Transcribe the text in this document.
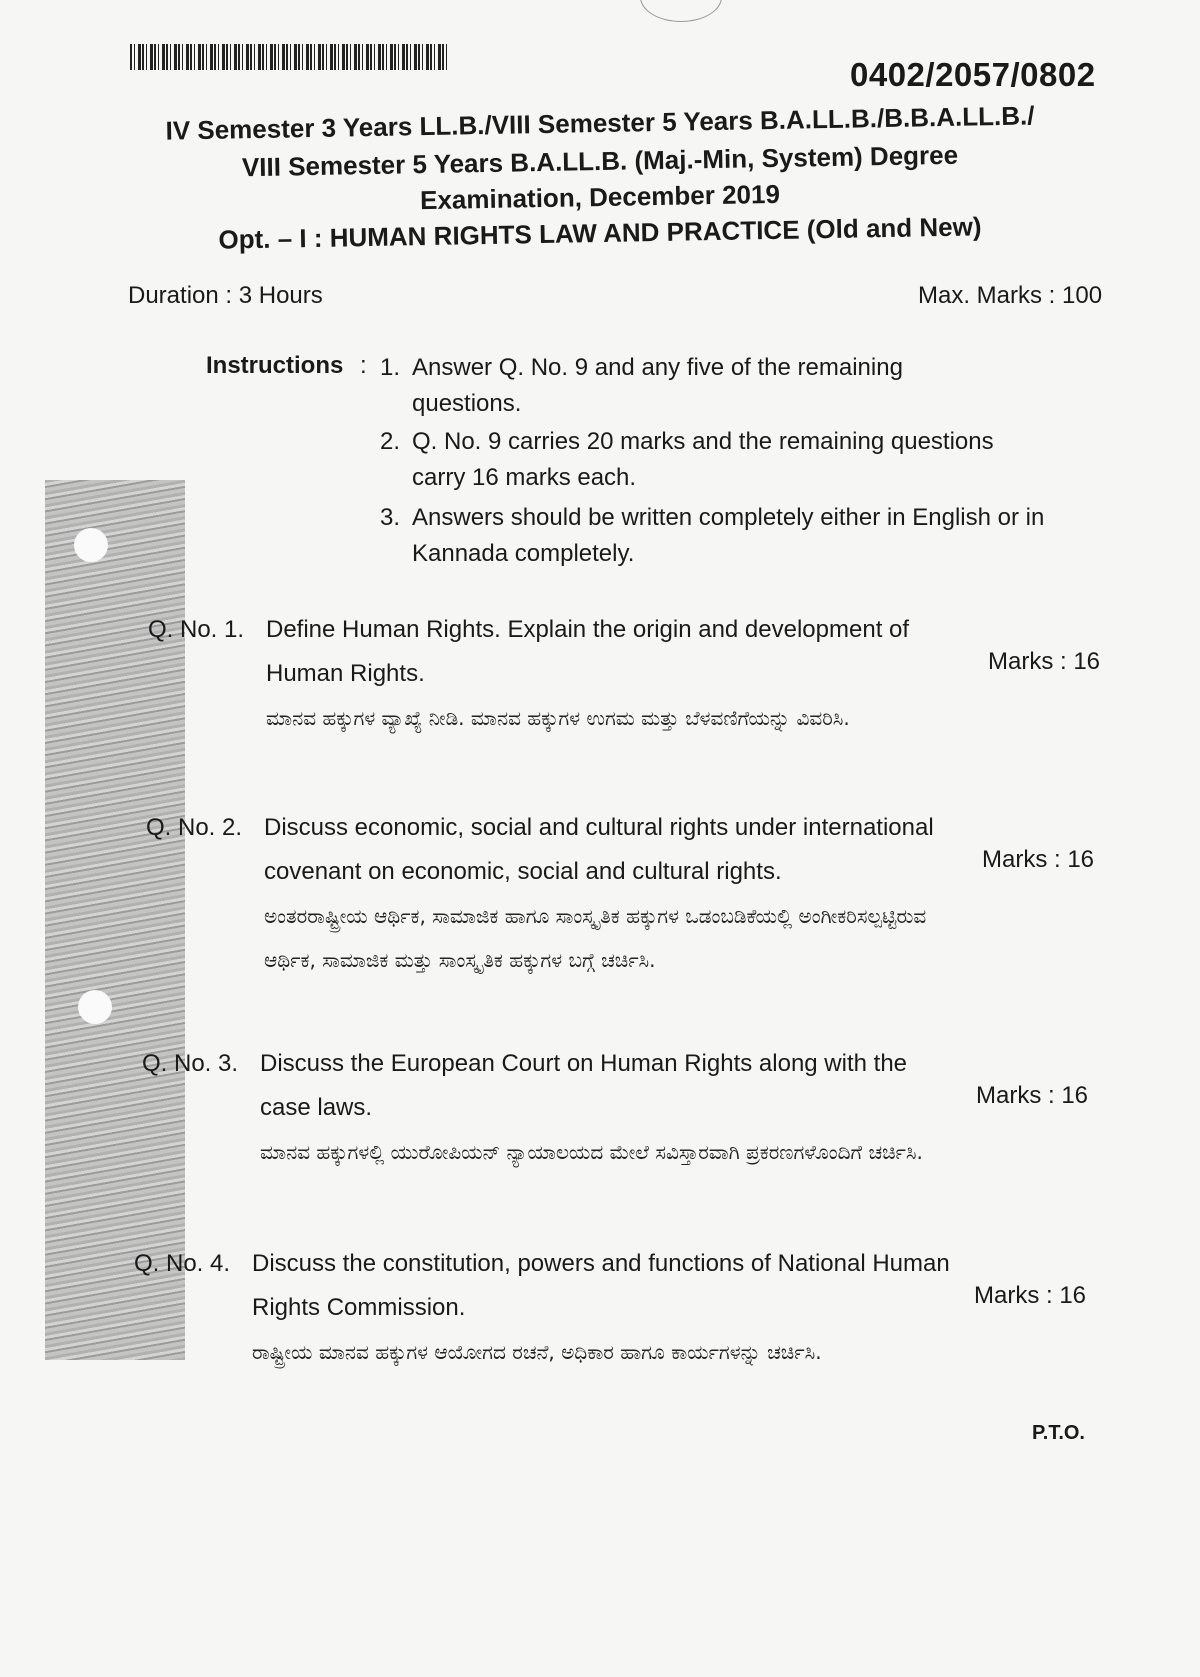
0402/2057/0802
IV Semester 3 Years LL.B./VIII Semester 5 Years B.A.LL.B./B.B.A.LL.B./
VIII Semester 5 Years B.A.LL.B. (Maj.-Min, System) Degree
Examination, December 2019
Opt. – I : HUMAN RIGHTS LAW AND PRACTICE (Old and New)
Duration : 3 Hours	Max. Marks : 100
Instructions : 1. Answer Q. No. 9 and any five of the remaining questions.
2. Q. No. 9 carries 20 marks and the remaining questions carry 16 marks each.
3. Answers should be written completely either in English or in Kannada completely.
Q. No. 1. Define Human Rights. Explain the origin and development of Human Rights.
ಮಾನವ ಹಕ್ಕುಗಳ ವ್ಯಾಖ್ಯೆ ನೀಡಿ. ಮಾನವ ಹಕ್ಕುಗಳ ಉಗಮ ಮತ್ತು ಬೆಳವಣಿಗೆಯನ್ನು ವಿವರಿಸಿ.
Marks : 16
Q. No. 2. Discuss economic, social and cultural rights under international covenant on economic, social and cultural rights.
ಅಂತರರಾಷ್ಟ್ರೀಯ ಆರ್ಥಿಕ, ಸಾಮಾಜಿಕ ಹಾಗೂ ಸಾಂಸ್ಕೃತಿಕ ಹಕ್ಕುಗಳ ಒಡಂಬಡಿಕೆಯಲ್ಲಿ ಅಂಗೀಕರಿಸಲ್ಪಟ್ಟಿರುವ ಆರ್ಥಿಕ, ಸಾಮಾಜಿಕ ಮತ್ತು ಸಾಂಸ್ಕೃತಿಕ ಹಕ್ಕುಗಳ ಬಗ್ಗೆ ಚರ್ಚಿಸಿ.
Marks : 16
Q. No. 3. Discuss the European Court on Human Rights along with the case laws.
ಮಾನವ ಹಕ್ಕುಗಳಲ್ಲಿ ಯುರೋಪಿಯನ್ ನ್ಯಾಯಾಲಯದ ಮೇಲೆ ಸವಿಸ್ತಾರವಾಗಿ ಪ್ರಕರಣಗಳೊಂದಿಗೆ ಚರ್ಚಿಸಿ.
Marks : 16
Q. No. 4. Discuss the constitution, powers and functions of National Human Rights Commission.
ರಾಷ್ಟ್ರೀಯ ಮಾನವ ಹಕ್ಕುಗಳ ಆಯೋಗದ ರಚನೆ, ಅಧಿಕಾರ ಹಾಗೂ ಕಾರ್ಯಗಳನ್ನು ಚರ್ಚಿಸಿ.
Marks : 16
P.T.O.
